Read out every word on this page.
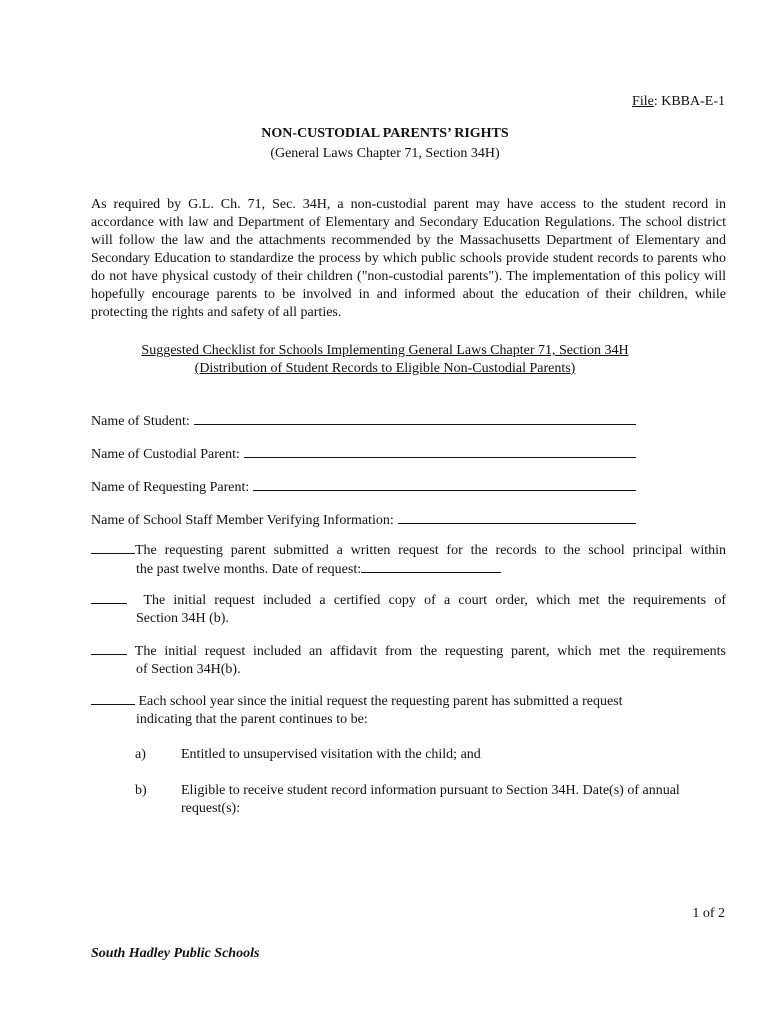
File: KBBA-E-1
NON-CUSTODIAL PARENTS’ RIGHTS
(General Laws Chapter 71, Section 34H)
As required by G.L. Ch. 71, Sec. 34H, a non-custodial parent may have access to the student record in accordance with law and Department of Elementary and Secondary Education Regulations. The school district will follow the law and the attachments recommended by the Massachusetts Department of Elementary and Secondary Education to standardize the process by which public schools provide student records to parents who do not have physical custody of their children ("non-custodial parents"). The implementation of this policy will hopefully encourage parents to be involved in and informed about the education of their children, while protecting the rights and safety of all parties.
Suggested Checklist for Schools Implementing General Laws Chapter 71, Section 34H
(Distribution of Student Records to Eligible Non-Custodial Parents)
Name of Student:
Name of Custodial Parent:
Name of Requesting Parent:
Name of School Staff Member Verifying Information:
The requesting parent submitted a written request for the records to the school principal within
the past twelve months. Date of request:
The initial request included a certified copy of a court order, which met the requirements of
Section 34H (b).
The initial request included an affidavit from the requesting parent, which met the requirements
of Section 34H(b).
Each school year since the initial request the requesting parent has submitted a request
indicating that the parent continues to be:
a)	Entitled to unsupervised visitation with the child; and
b)	Eligible to receive student record information pursuant to Section 34H. Date(s) of annual
request(s):
1 of 2
South Hadley Public Schools
